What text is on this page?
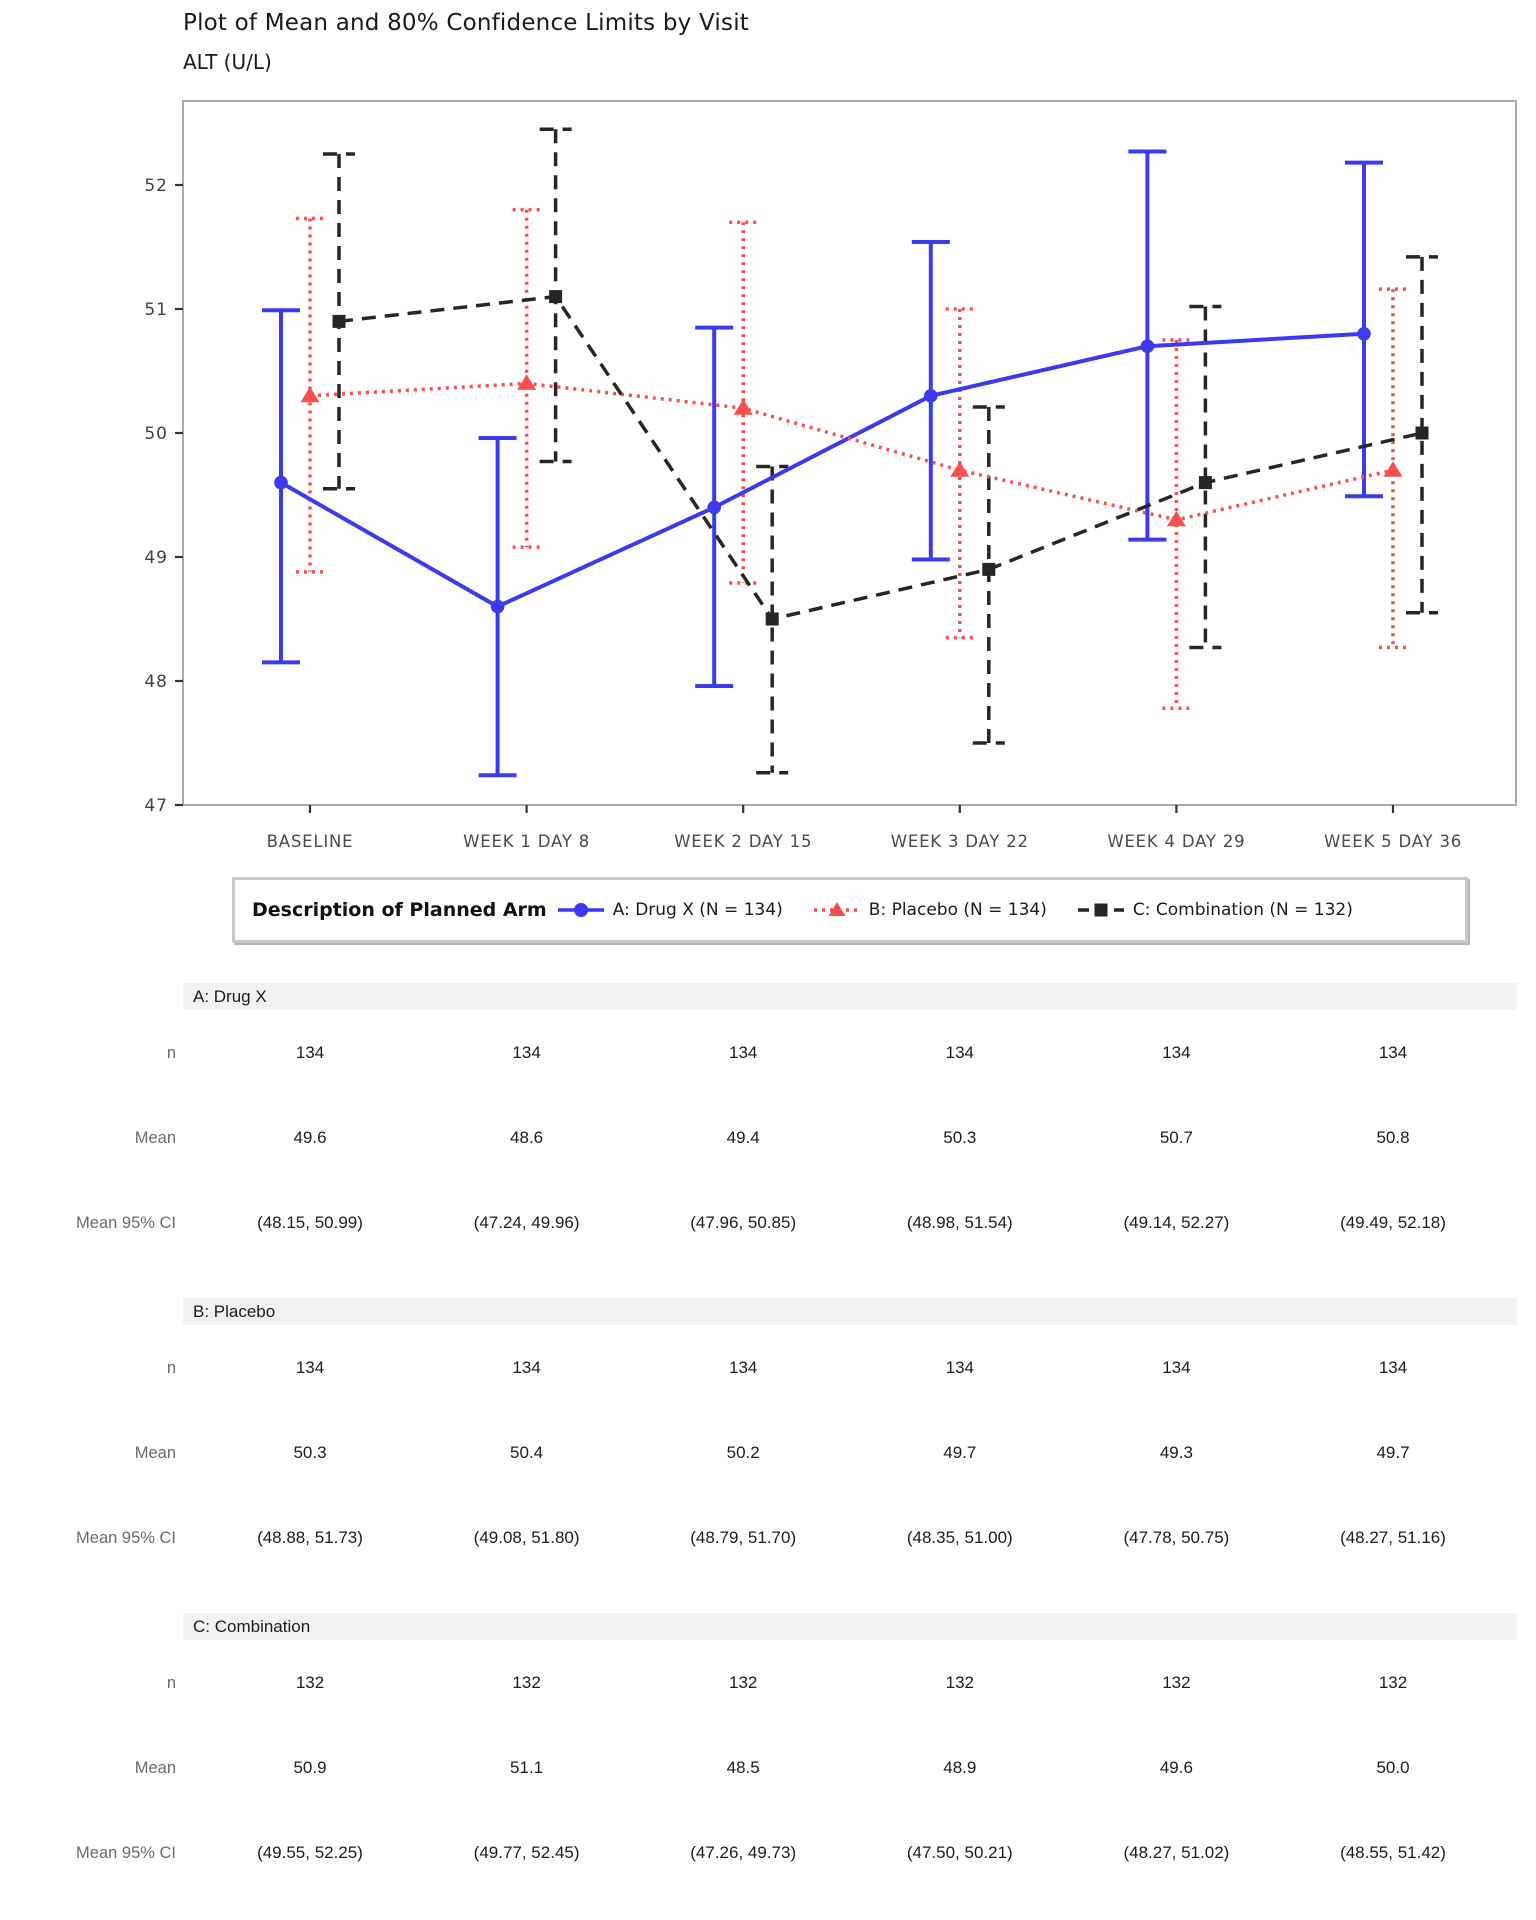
Plot of Mean and 80% Confidence Limits by Visit
ALT (U/L)
47
48
49
50
51
52
BASELINE	WEEK 1 DAY 8	WEEK 2 DAY 15	WEEK 3 DAY 22	WEEK 4 DAY 29	WEEK 5 DAY 36
Description of Planned Arm	A: Drug X (N = 134)	B: Placebo (N = 134)	C: Combination (N = 132)
A: Drug X
n	134	134	134	134	134	134
Mean	49.6	48.6	49.4	50.3	50.7	50.8
Mean 95% CI	(48.15, 50.99)	(47.24, 49.96)	(47.96, 50.85)	(48.98, 51.54)	(49.14, 52.27)	(49.49, 52.18)
B: Placebo
n	134	134	134	134	134	134
Mean	50.3	50.4	50.2	49.7	49.3	49.7
Mean 95% CI	(48.88, 51.73)	(49.08, 51.80)	(48.79, 51.70)	(48.35, 51.00)	(47.78, 50.75)	(48.27, 51.16)
C: Combination
n	132	132	132	132	132	132
Mean	50.9	51.1	48.5	48.9	49.6	50.0
Mean 95% CI	(49.55, 52.25)	(49.77, 52.45)	(47.26, 49.73)	(47.50, 50.21)	(48.27, 51.02)	(48.55, 51.42)
